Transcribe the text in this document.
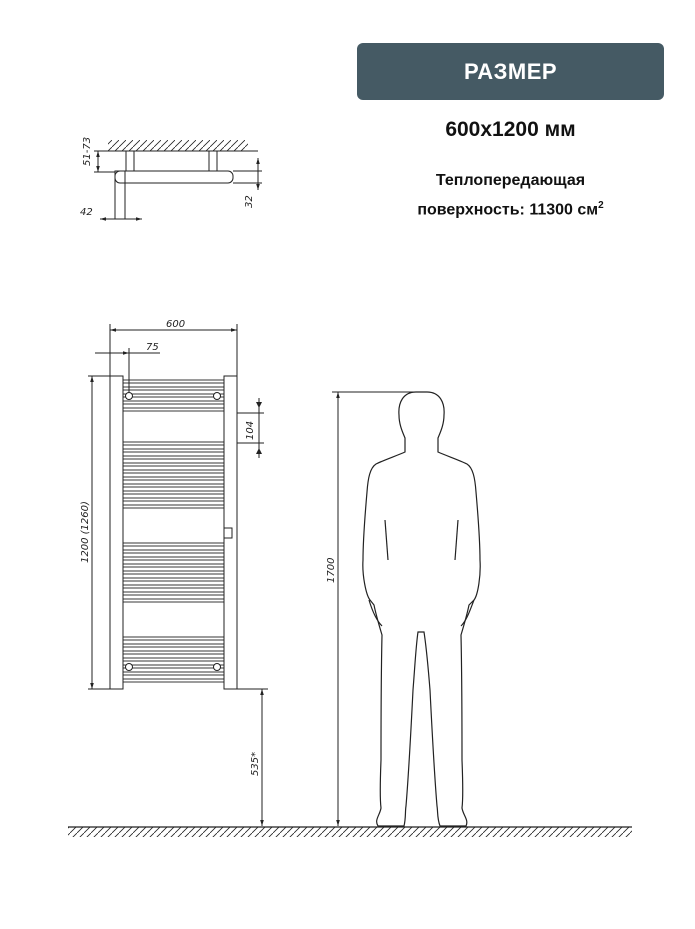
РАЗМЕР
600x1200 мм
Теплопередающая
поверхность: 11300 $см^2$
51-73
42
32
600
75
104
1200 (1260)
535*
1700
